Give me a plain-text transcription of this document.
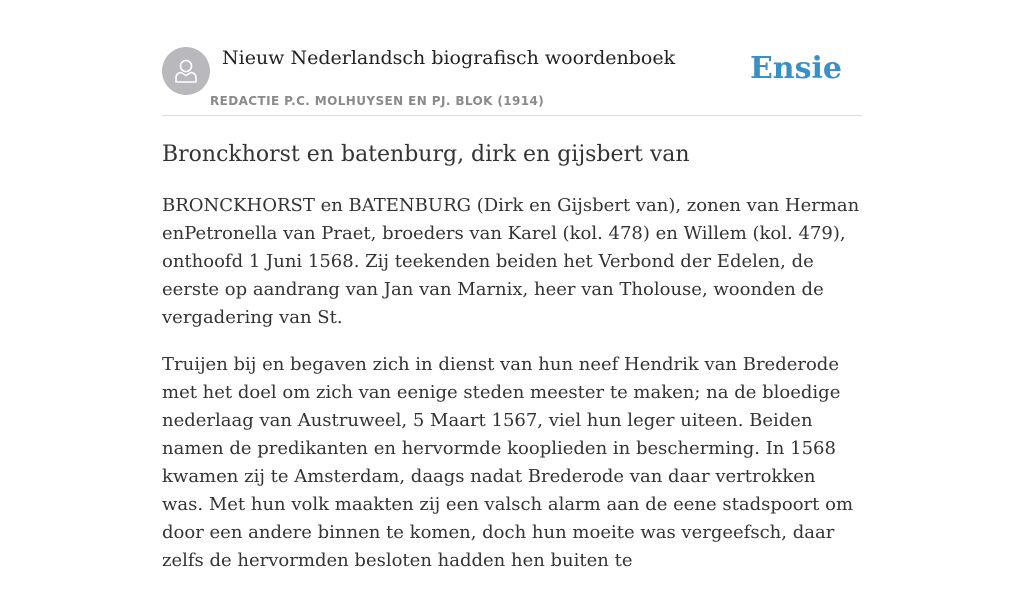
Nieuw Nederlandsch biografisch woordenboek
REDACTIE P.C. MOLHUYSEN EN PJ. BLOK (1914)
Ensie
Bronckhorst en batenburg, dirk en gijsbert van

BRONCKHORST en BATENBURG (Dirk en Gijsbert van), zonen van Herman enPetronella van Praet, broeders van Karel (kol. 478) en Willem (kol. 479), onthoofd 1 Juni 1568. Zij teekenden beiden het Verbond der Edelen, de eerste op aandrang van Jan van Marnix, heer van Tholouse, woonden de vergadering van St.

Truijen bij en begaven zich in dienst van hun neef Hendrik van Brederode met het doel om zich van eenige steden meester te maken; na de bloedige nederlaag van Austruweel, 5 Maart 1567, viel hun leger uiteen. Beiden namen de predikanten en hervormde kooplieden in bescherming. In 1568 kwamen zij te Amsterdam, daags nadat Brederode van daar vertrokken was. Met hun volk maakten zij een valsch alarm aan de eene stadspoort om door een andere binnen te komen, doch hun moeite was vergeefsch, daar zelfs de hervormden besloten hadden hen buiten te
